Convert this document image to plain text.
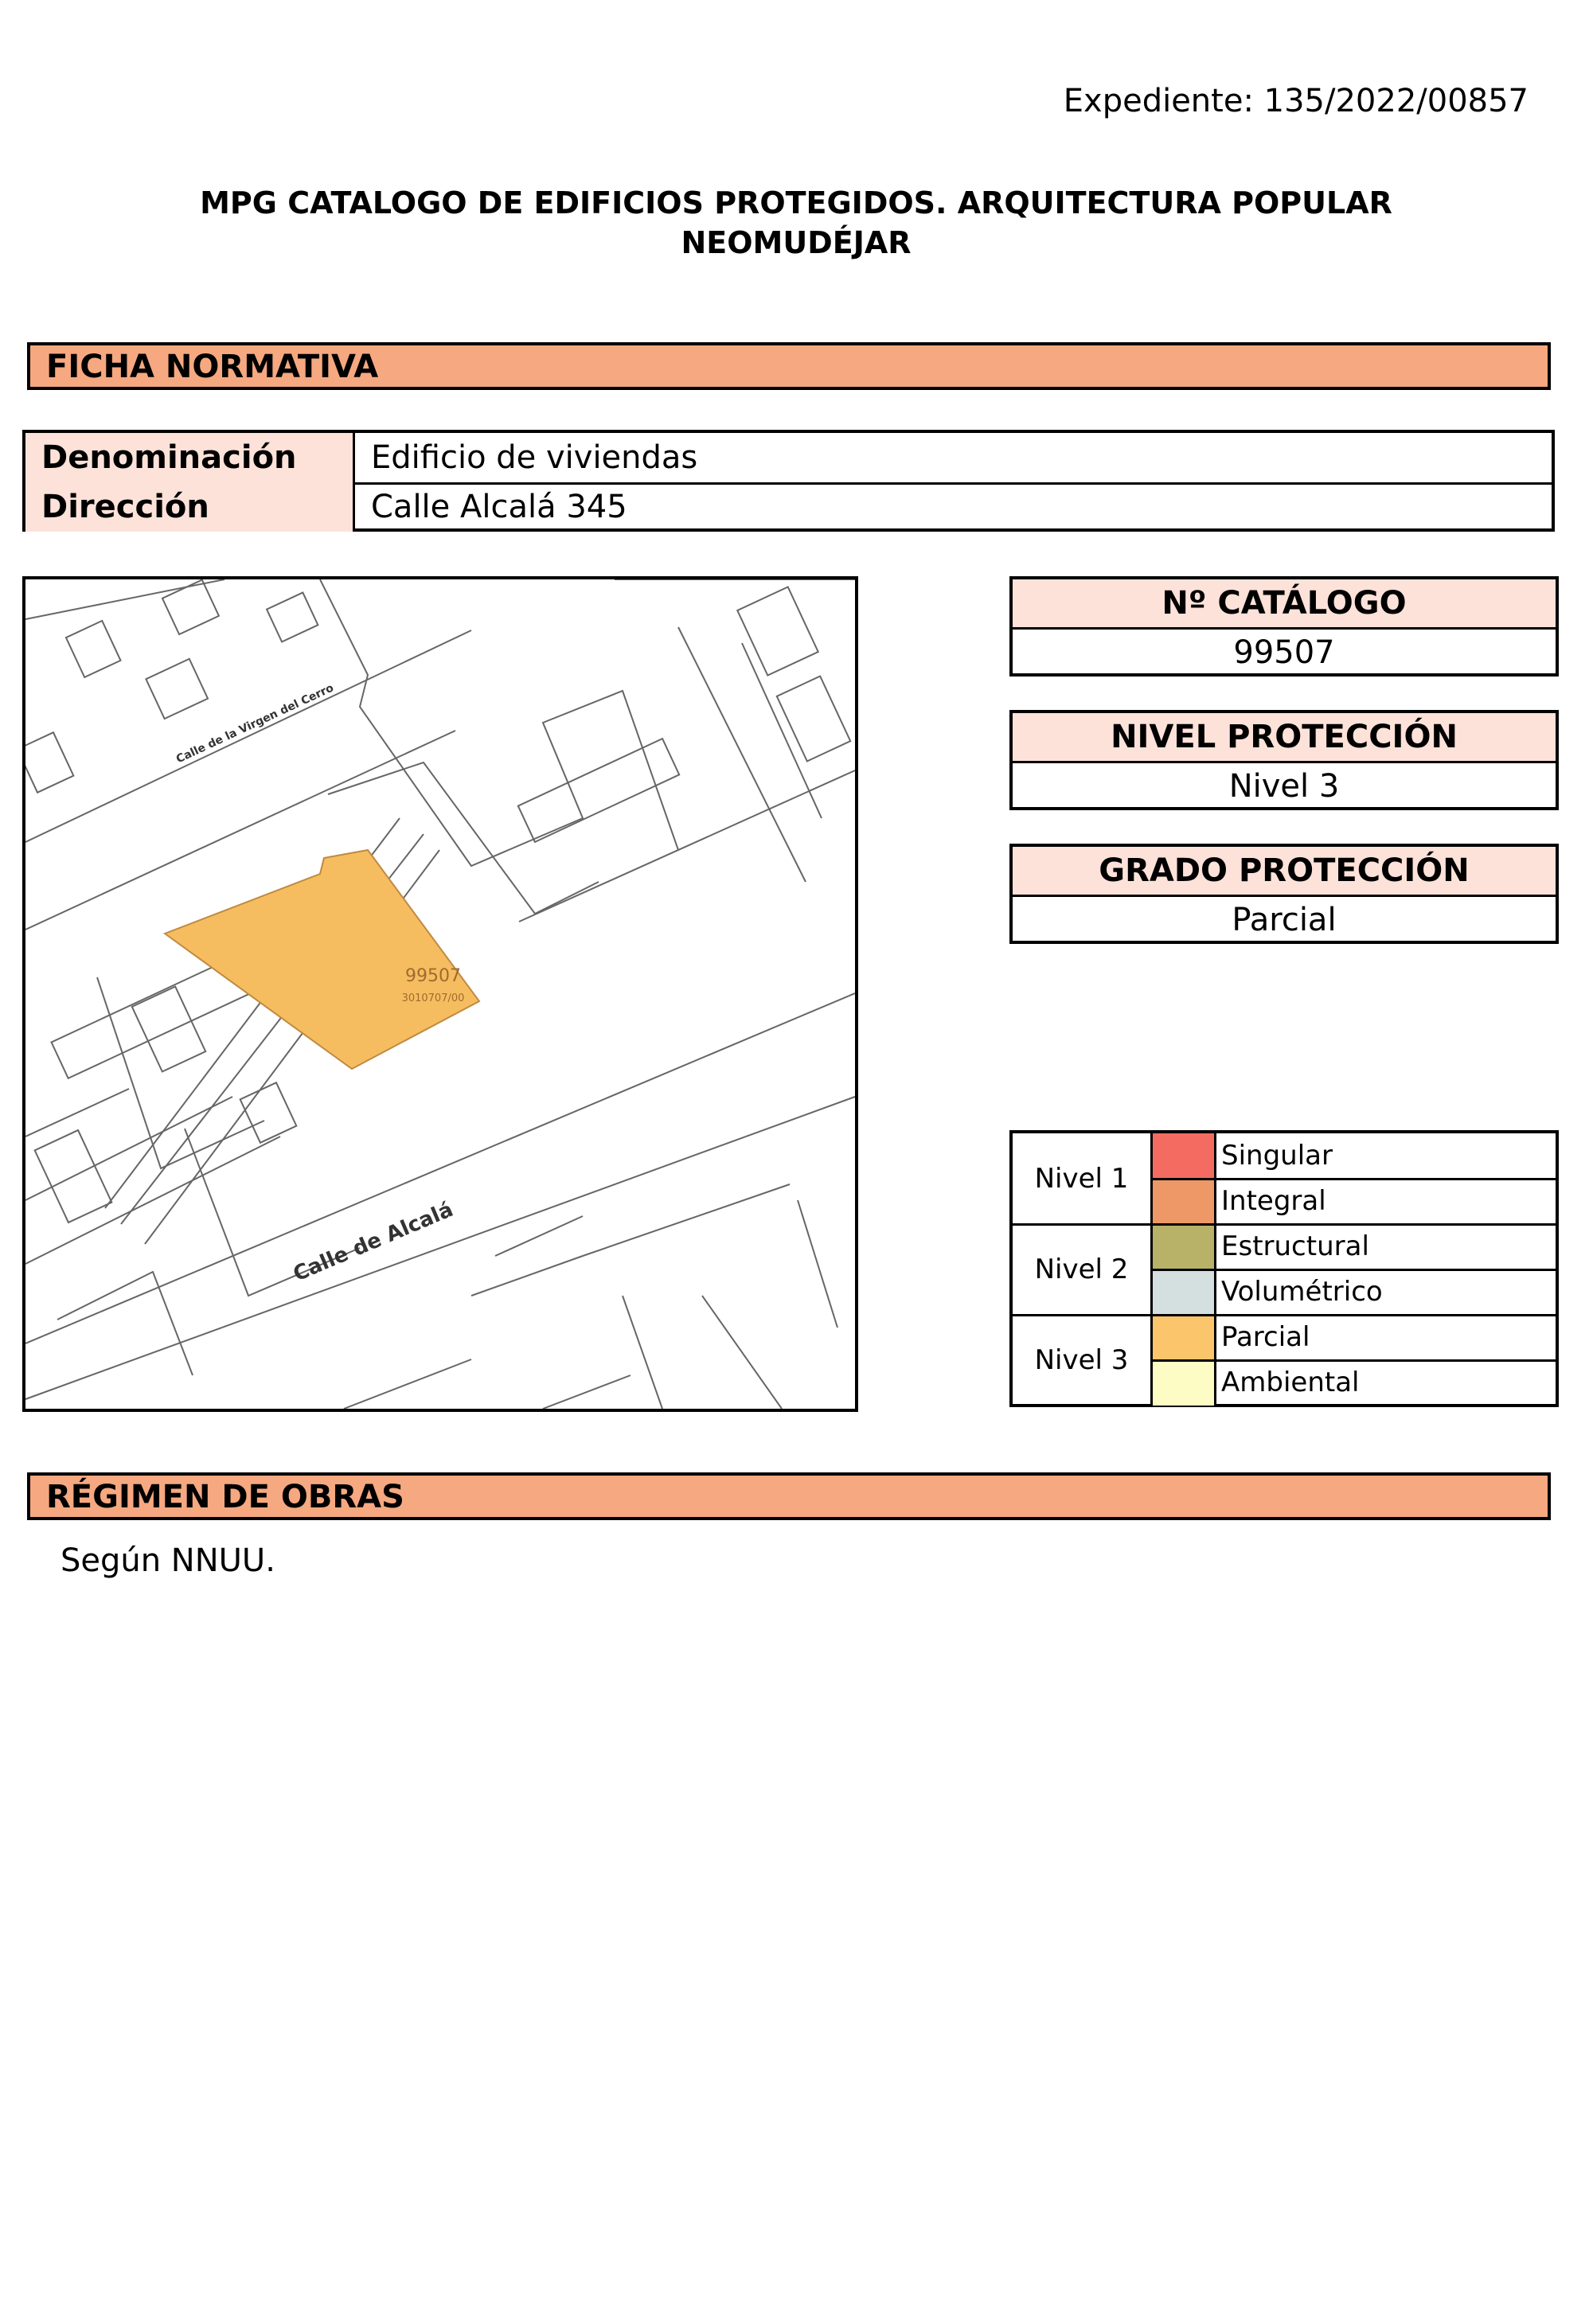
Expediente: 135/2022/00857
MPG CATALOGO DE EDIFICIOS PROTEGIDOS. ARQUITECTURA POPULAR
NEOMUDÉJAR
FICHA NORMATIVA
Denominación	Edificio de viviendas
Dirección	Calle Alcalá 345
99507
3010707/00
Calle de Alcalá
Calle de la Virgen del Cerro
Nº CATÁLOGO
99507
NIVEL PROTECCIÓN
Nivel 3
GRADO PROTECCIÓN
Parcial
Nivel 1
Nivel 2
Nivel 3
Singular
Integral
Estructural
Volumétrico
Parcial
Ambiental
RÉGIMEN DE OBRAS
Según NNUU.
